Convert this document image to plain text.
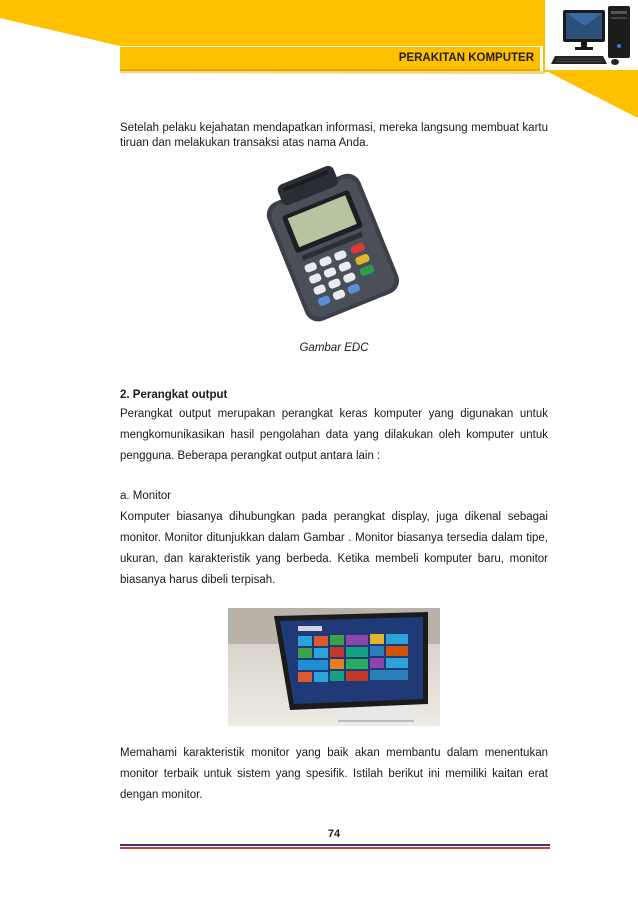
PERAKITAN KOMPUTER

Setelah pelaku kejahatan mendapatkan informasi, mereka langsung membuat kartu tiruan dan melakukan transaksi atas nama Anda.

Gambar EDC

2. Perangkat output

Perangkat output merupakan perangkat keras komputer yang digunakan untuk mengkomunikasikan hasil pengolahan data yang dilakukan oleh komputer untuk pengguna. Beberapa perangkat output antara lain :

a. Monitor

Komputer biasanya dihubungkan pada perangkat display, juga dikenal sebagai monitor. Monitor ditunjukkan dalam Gambar . Monitor biasanya tersedia dalam tipe, ukuran, dan karakteristik yang berbeda. Ketika membeli komputer baru, monitor biasanya harus dibeli terpisah.

Memahami karakteristik monitor yang baik akan membantu dalam menentukan monitor terbaik untuk sistem yang spesifik. Istilah berikut ini memiliki kaitan erat dengan monitor.

74
